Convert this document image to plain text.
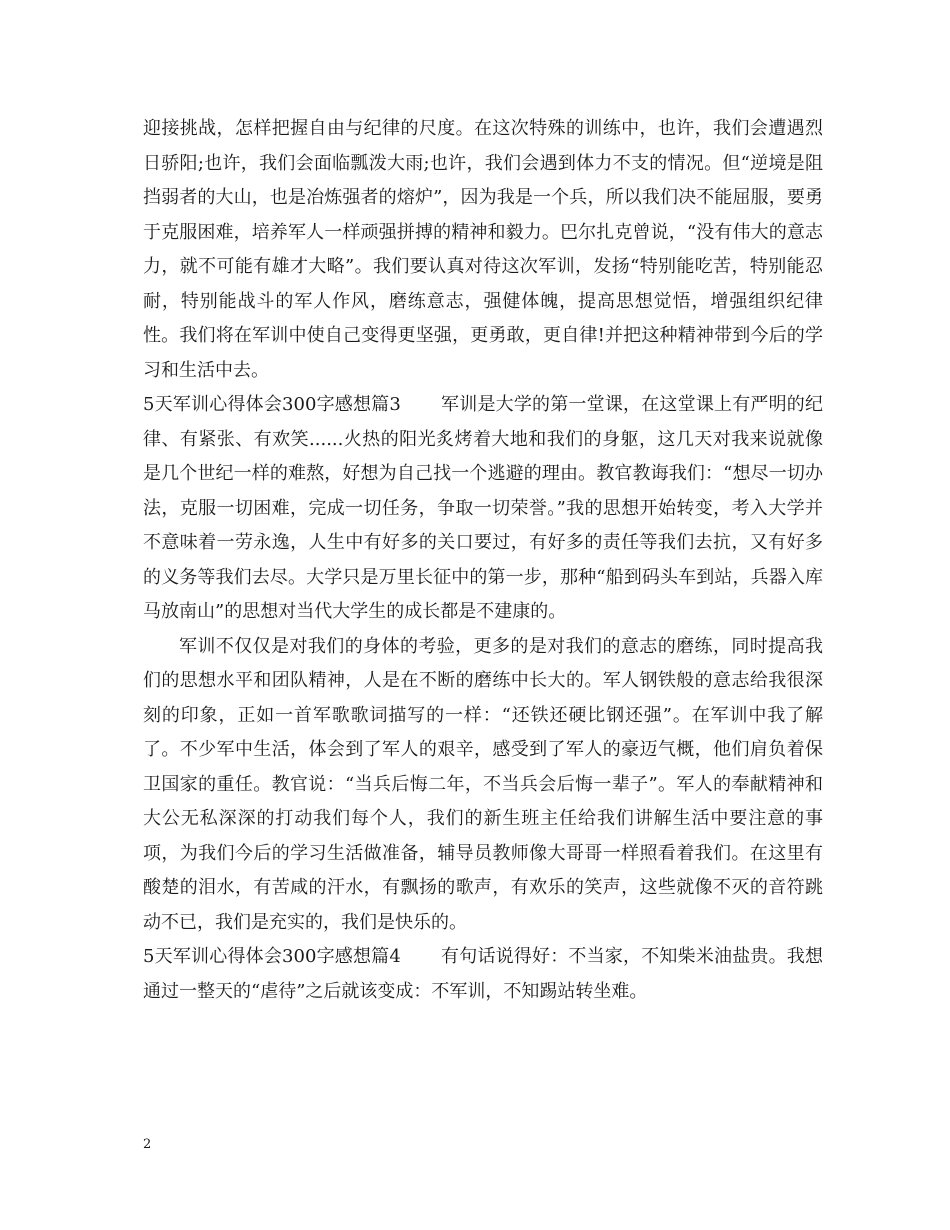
迎接挑战，怎样把握自由与纪律的尺度。在这次特殊的训练中，也许，我们会遭遇烈日骄阳;也许，我们会面临瓢泼大雨;也许，我们会遇到体力不支的情况。但“逆境是阻挡弱者的大山，也是冶炼强者的熔炉”，因为我是一个兵，所以我们决不能屈服，要勇于克服困难，培养军人一样顽强拼搏的精神和毅力。巴尔扎克曾说，“没有伟大的意志力，就不可能有雄才大略”。我们要认真对待这次军训，发扬“特别能吃苦，特别能忍耐，特别能战斗的军人作风，磨练意志，强健体魄，提高思想觉悟，增强组织纪律性。我们将在军训中使自己变得更坚强，更勇敢，更自律!并把这种精神带到今后的学习和生活中去。

5天军训心得体会300字感想篇3 军训是大学的第一堂课，在这堂课上有严明的纪律、有紧张、有欢笑......火热的阳光炙烤着大地和我们的身躯，这几天对我来说就像是几个世纪一样的难熬，好想为自己找一个逃避的理由。教官教诲我们：“想尽一切办法，克服一切困难，完成一切任务，争取一切荣誉。”我的思想开始转变，考入大学并不意味着一劳永逸，人生中有好多的关口要过，有好多的责任等我们去抗，又有好多的义务等我们去尽。大学只是万里长征中的第一步，那种“船到码头车到站，兵器入库马放南山”的思想对当代大学生的成长都是不建康的。

军训不仅仅是对我们的身体的考验，更多的是对我们的意志的磨练，同时提高我们的思想水平和团队精神，人是在不断的磨练中长大的。军人钢铁般的意志给我很深刻的印象，正如一首军歌歌词描写的一样：“还铁还硬比钢还强”。在军训中我了解了。不少军中生活，体会到了军人的艰辛，感受到了军人的豪迈气概，他们肩负着保卫国家的重任。教官说：“当兵后悔二年，不当兵会后悔一辈子”。军人的奉献精神和大公无私深深的打动我们每个人，我们的新生班主任给我们讲解生活中要注意的事项，为我们今后的学习生活做准备，辅导员教师像大哥哥一样照看着我们。在这里有酸楚的泪水，有苦咸的汗水，有飘扬的歌声，有欢乐的笑声，这些就像不灭的音符跳动不已，我们是充实的，我们是快乐的。

5天军训心得体会300字感想篇4 有句话说得好：不当家，不知柴米油盐贵。我想通过一整天的“虐待”之后就该变成：不军训，不知踢站转坐难。

2
